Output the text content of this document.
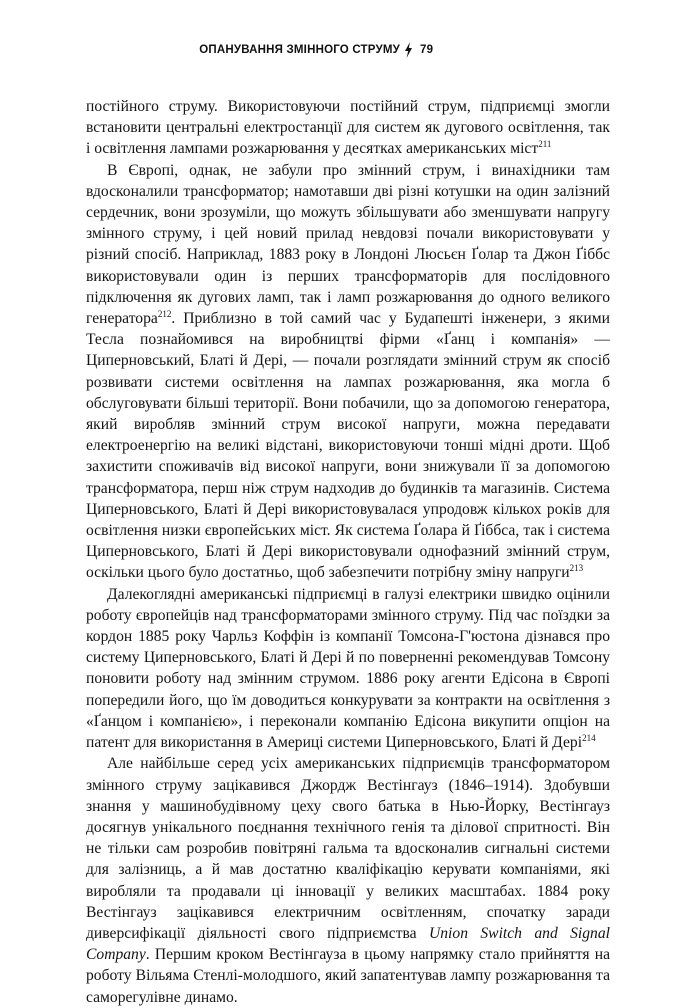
ОПАНУВАННЯ ЗМІННОГО СТРУМУ 79

постійного струму. Використовуючи постійний струм, підприємці змогли встановити центральні електростанції для систем як дугового освітлення, так і освітлення лампами розжарювання у десятках американських міст$^{211}$

В Європі, однак, не забули про змінний струм, і винахідники там вдосконалили трансформатор; намотавши дві різні котушки на один залізний сердечник, вони зрозуміли, що можуть збільшувати або зменшувати напругу змінного струму, і цей новий прилад невдовзі почали використовувати у різний спосіб. Наприклад, 1883 року в Лондоні Люсьєн Ґолар та Джон Ґіббс використовували один із перших трансформаторів для послідовного підключення як дугових ламп, так і ламп розжарювання до одного великого генератора$^{212}$. Приблизно в той самий час у Будапешті інженери, з якими Тесла познайомився на виробництві фірми «Ґанц і компанія» — Циперновський, Блаті й Дері, — почали розглядати змінний струм як спосіб розвивати системи освітлення на лампах розжарювання, яка могла б обслуговувати більші території. Вони побачили, що за допомогою генератора, який виробляв змінний струм високої напруги, можна передавати електроенергію на великі відстані, використовуючи тонші мідні дроти. Щоб захистити споживачів від високої напруги, вони знижували її за допомогою трансформатора, перш ніж струм надходив до будинків та магазинів. Система Циперновського, Блаті й Дері використовувалася упродовж кількох років для освітлення низки європейських міст. Як система Ґолара й Ґіббса, так і система Циперновського, Блаті й Дері використовували однофазний змінний струм, оскільки цього було достатньо, щоб забезпечити потрібну зміну напруги$^{213}$

Далекоглядні американські підприємці в галузі електрики швидко оцінили роботу європейців над трансформаторами змінного струму. Під час поїздки за кордон 1885 року Чарльз Коффін із компанії Томсона-Г'юстона дізнався про систему Циперновського, Блаті й Дері й по поверненні рекомендував Томсону поновити роботу над змінним струмом. 1886 року агенти Едісона в Європі попередили його, що їм доводиться конкурувати за контракти на освітлення з «Ґанцом і компанією», і переконали компанію Едісона викупити опціон на патент для використання в Америці системи Циперновського, Блаті й Дері$^{214}$

Але найбільше серед усіх американських підприємців трансформатором змінного струму зацікавився Джордж Вестінгауз (1846–1914). Здобувши знання у машинобудівному цеху свого батька в Нью-Йорку, Вестінгауз досягнув унікального поєднання технічного генія та ділової спритності. Він не тільки сам розробив повітряні гальма та вдосконалив сигнальні системи для залізниць, а й мав достатню кваліфікацію керувати компаніями, які виробляли та продавали ці інновації у великих масштабах. 1884 року Вестінгауз зацікавився електричним освітленням, спочатку заради диверсифікації діяльності свого підприємства Union Switch and Signal Company. Першим кроком Вестінгауза в цьому напрямку стало прийняття на роботу Вільяма Стенлі-молодшого, який запатентував лампу розжарювання та саморегулівне динамо.
